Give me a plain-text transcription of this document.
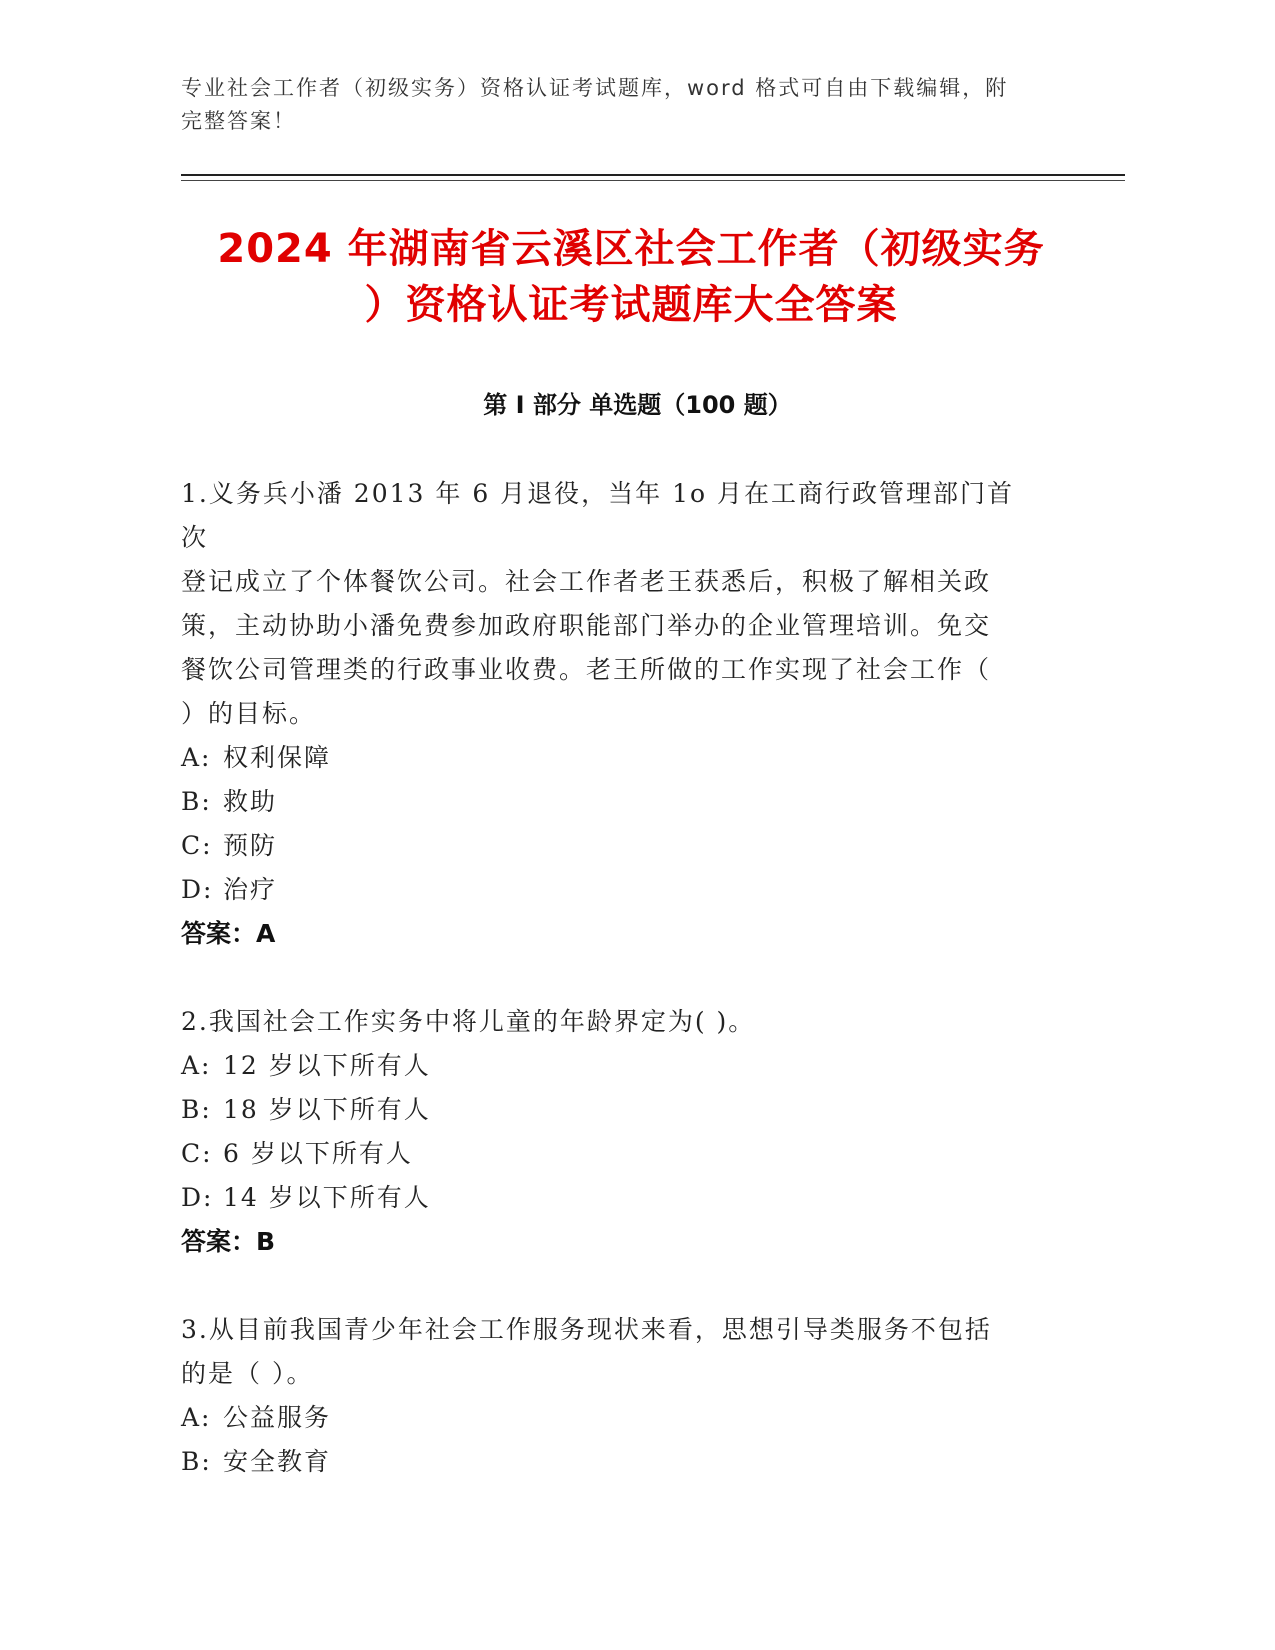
专业社会工作者（初级实务）资格认证考试题库，word 格式可自由下载编辑，附
完整答案！
2024 年湖南省云溪区社会工作者（初级实务
）资格认证考试题库大全答案
第 I 部分 单选题（100 题）
1.义务兵小潘 2013 年 6 月退役，当年 1o 月在工商行政管理部门首次
登记成立了个体餐饮公司。社会工作者老王获悉后，积极了解相关政
策，主动协助小潘免费参加政府职能部门举办的企业管理培训。免交
餐饮公司管理类的行政事业收费。老王所做的工作实现了社会工作（
）的目标。
A: 权利保障
B: 救助
C: 预防
D: 治疗
答案：A
2.我国社会工作实务中将儿童的年龄界定为( )。
A: 12 岁以下所有人
B: 18 岁以下所有人
C: 6 岁以下所有人
D: 14 岁以下所有人
答案：B
3.从目前我国青少年社会工作服务现状来看，思想引导类服务不包括
的是（ ）。
A: 公益服务
B: 安全教育
